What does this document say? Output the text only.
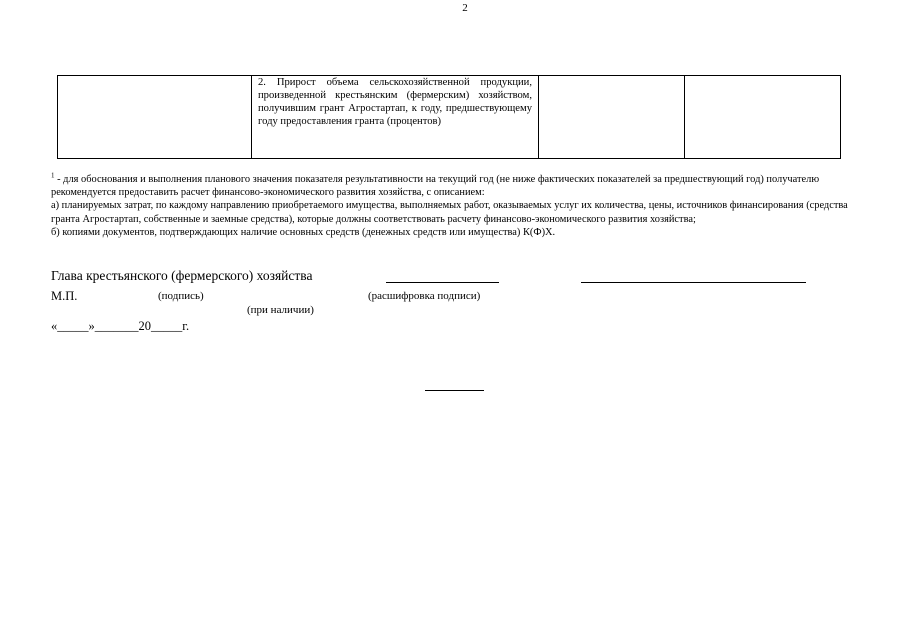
2

2. Прирост объема сельскохозяйственной продукции, произведенной крестьянским (фермерским) хозяйством, получившим грант Агростартап, к году, предшествующему году предоставления гранта (процентов)

$^1$ - для обоснования и выполнения планового значения показателя результативности на текущий год (не ниже фактических показателей за предшествующий год) получателю рекомендуется предоставить расчет финансово-экономического развития хозяйства, с описанием:

а) планируемых затрат, по каждому направлению приобретаемого имущества, выполняемых работ, оказываемых услуг их количества, цены, источников финансирования (средства гранта Агростартап, собственные и заемные средства), которые должны соответствовать расчету финансово-экономического развития хозяйства;

б) копиями документов, подтверждающих наличие основных средств (денежных средств или имущества) К(Ф)Х.

Глава крестьянского (фермерского) хозяйства
М.П.	(подпись)
(при наличии)
(расшифровка подписи)
«_____»_______20_____г.
